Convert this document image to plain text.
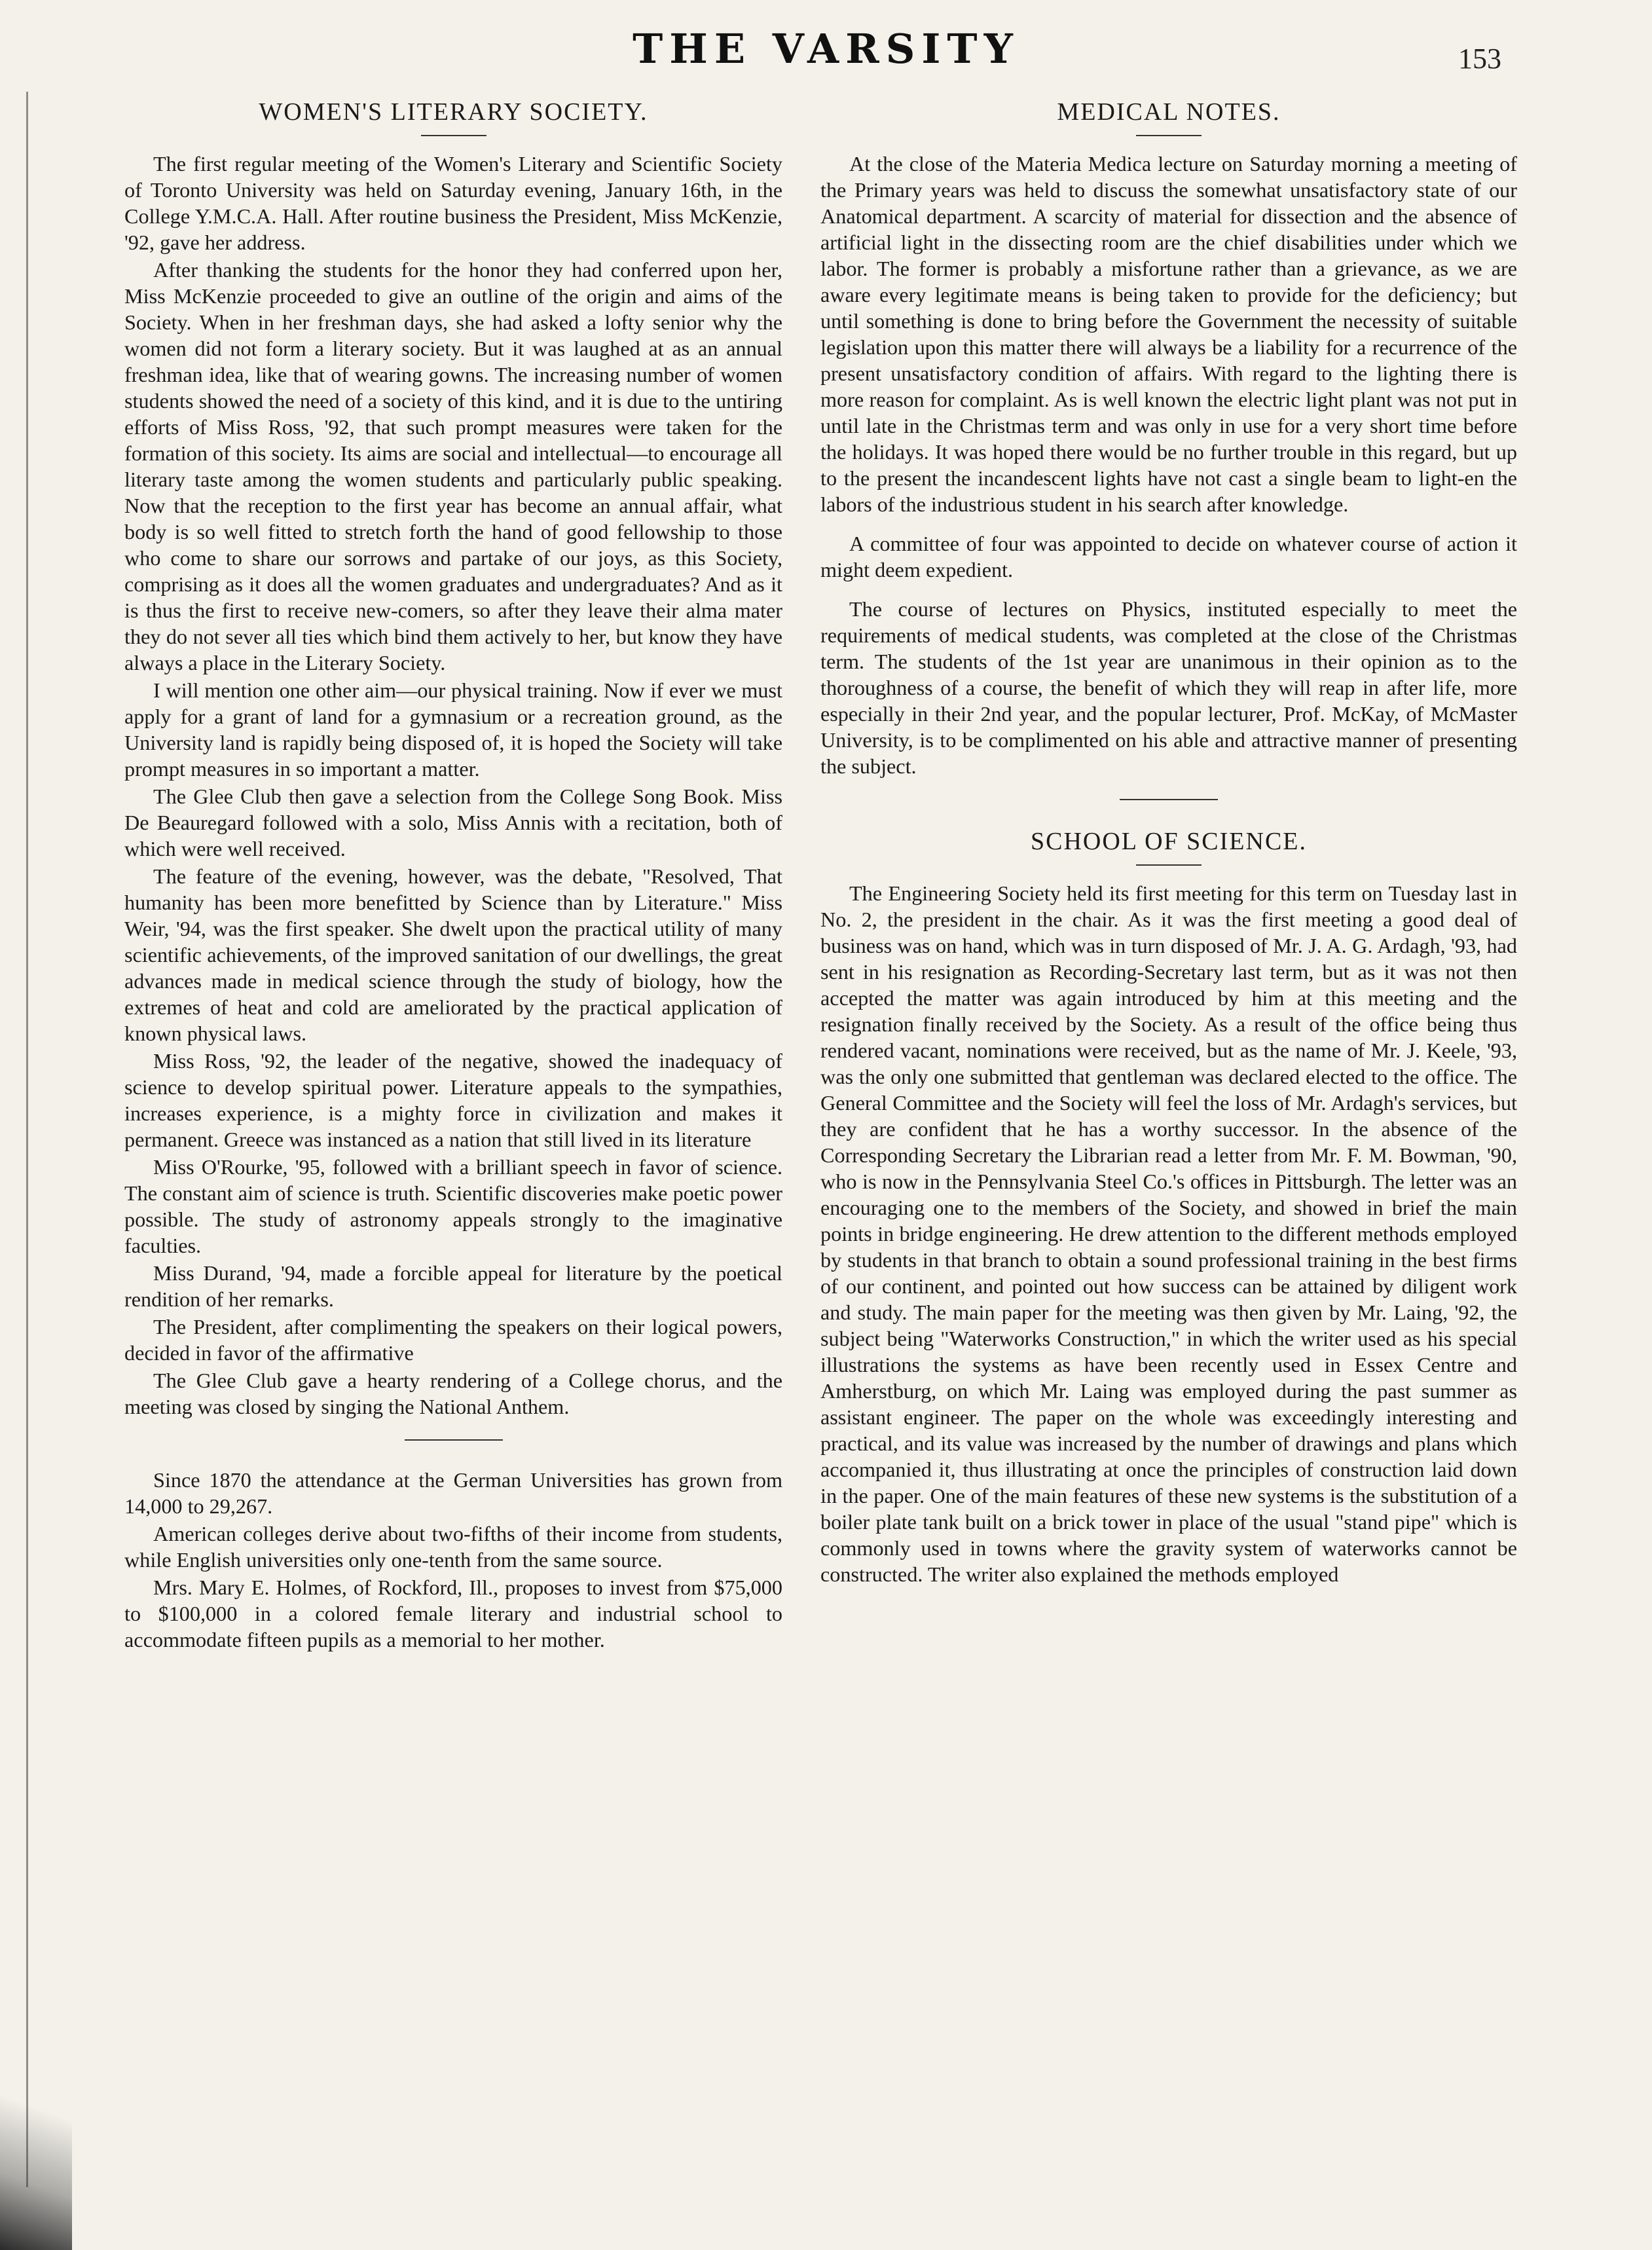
THE VARSITY	153
WOMEN'S LITERARY SOCIETY.

The first regular meeting of the Women's Literary and Scientific Society of Toronto University was held on Saturday evening, January 16th, in the College Y.M.C.A. Hall. After routine business the President, Miss McKenzie, '92, gave her address.

After thanking the students for the honor they had conferred upon her, Miss McKenzie proceeded to give an outline of the origin and aims of the Society. When in her freshman days, she had asked a lofty senior why the women did not form a literary society. But it was laughed at as an annual freshman idea, like that of wearing gowns. The increasing number of women students showed the need of a society of this kind, and it is due to the untiring efforts of Miss Ross, '92, that such prompt measures were taken for the formation of this society. Its aims are social and intellectual—to encourage all literary taste among the women students and particularly public speaking. Now that the reception to the first year has become an annual affair, what body is so well fitted to stretch forth the hand of good fellowship to those who come to share our sorrows and partake of our joys, as this Society, comprising as it does all the women graduates and undergraduates? And as it is thus the first to receive new-comers, so after they leave their alma mater they do not sever all ties which bind them actively to her, but know they have always a place in the Literary Society.

I will mention one other aim—our physical training. Now if ever we must apply for a grant of land for a gymnasium or a recreation ground, as the University land is rapidly being disposed of, it is hoped the Society will take prompt measures in so important a matter.

The Glee Club then gave a selection from the College Song Book. Miss De Beauregard followed with a solo, Miss Annis with a recitation, both of which were well received.

The feature of the evening, however, was the debate, "Resolved, That humanity has been more benefitted by Science than by Literature." Miss Weir, '94, was the first speaker. She dwelt upon the practical utility of many scientific achievements, of the improved sanitation of our dwellings, the great advances made in medical science through the study of biology, how the extremes of heat and cold are ameliorated by the practical application of known physical laws.

Miss Ross, '92, the leader of the negative, showed the inadequacy of science to develop spiritual power. Literature appeals to the sympathies, increases experience, is a mighty force in civilization and makes it permanent. Greece was instanced as a nation that still lived in its literature

Miss O'Rourke, '95, followed with a brilliant speech in favor of science. The constant aim of science is truth. Scientific discoveries make poetic power possible. The study of astronomy appeals strongly to the imaginative faculties.

Miss Durand, '94, made a forcible appeal for literature by the poetical rendition of her remarks.

The President, after complimenting the speakers on their logical powers, decided in favor of the affirmative

The Glee Club gave a hearty rendering of a College chorus, and the meeting was closed by singing the National Anthem.

Since 1870 the attendance at the German Universities has grown from 14,000 to 29,267.

American colleges derive about two-fifths of their income from students, while English universities only one-tenth from the same source.

Mrs. Mary E. Holmes, of Rockford, Ill., proposes to invest from $75,000 to $100,000 in a colored female literary and industrial school to accommodate fifteen pupils as a memorial to her mother.

MEDICAL NOTES.

At the close of the Materia Medica lecture on Saturday morning a meeting of the Primary years was held to discuss the somewhat unsatisfactory state of our Anatomical department. A scarcity of material for dissection and the absence of artificial light in the dissecting room are the chief disabilities under which we labor. The former is probably a misfortune rather than a grievance, as we are aware every legitimate means is being taken to provide for the deficiency; but until something is done to bring before the Government the necessity of suitable legislation upon this matter there will always be a liability for a recurrence of the present unsatisfactory condition of affairs. With regard to the lighting there is more reason for complaint. As is well known the electric light plant was not put in until late in the Christmas term and was only in use for a very short time before the holidays. It was hoped there would be no further trouble in this regard, but up to the present the incandescent lights have not cast a single beam to light-en the labors of the industrious student in his search after knowledge.

A committee of four was appointed to decide on whatever course of action it might deem expedient.

The course of lectures on Physics, instituted especially to meet the requirements of medical students, was completed at the close of the Christmas term. The students of the 1st year are unanimous in their opinion as to the thoroughness of a course, the benefit of which they will reap in after life, more especially in their 2nd year, and the popular lecturer, Prof. McKay, of McMaster University, is to be complimented on his able and attractive manner of presenting the subject.

SCHOOL OF SCIENCE.

The Engineering Society held its first meeting for this term on Tuesday last in No. 2, the president in the chair. As it was the first meeting a good deal of business was on hand, which was in turn disposed of Mr. J. A. G. Ardagh, '93, had sent in his resignation as Recording-Secretary last term, but as it was not then accepted the matter was again introduced by him at this meeting and the resignation finally received by the Society. As a result of the office being thus rendered vacant, nominations were received, but as the name of Mr. J. Keele, '93, was the only one submitted that gentleman was declared elected to the office. The General Committee and the Society will feel the loss of Mr. Ardagh's services, but they are confident that he has a worthy successor. In the absence of the Corresponding Secretary the Librarian read a letter from Mr. F. M. Bowman, '90, who is now in the Pennsylvania Steel Co.'s offices in Pittsburgh. The letter was an encouraging one to the members of the Society, and showed in brief the main points in bridge engineering. He drew attention to the different methods employed by students in that branch to obtain a sound professional training in the best firms of our continent, and pointed out how success can be attained by diligent work and study. The main paper for the meeting was then given by Mr. Laing, '92, the subject being "Waterworks Construction," in which the writer used as his special illustrations the systems as have been recently used in Essex Centre and Amherstburg, on which Mr. Laing was employed during the past summer as assistant engineer. The paper on the whole was exceedingly interesting and practical, and its value was increased by the number of drawings and plans which accompanied it, thus illustrating at once the principles of construction laid down in the paper. One of the main features of these new systems is the substitution of a boiler plate tank built on a brick tower in place of the usual "stand pipe" which is commonly used in towns where the gravity system of waterworks cannot be constructed. The writer also explained the methods employed
